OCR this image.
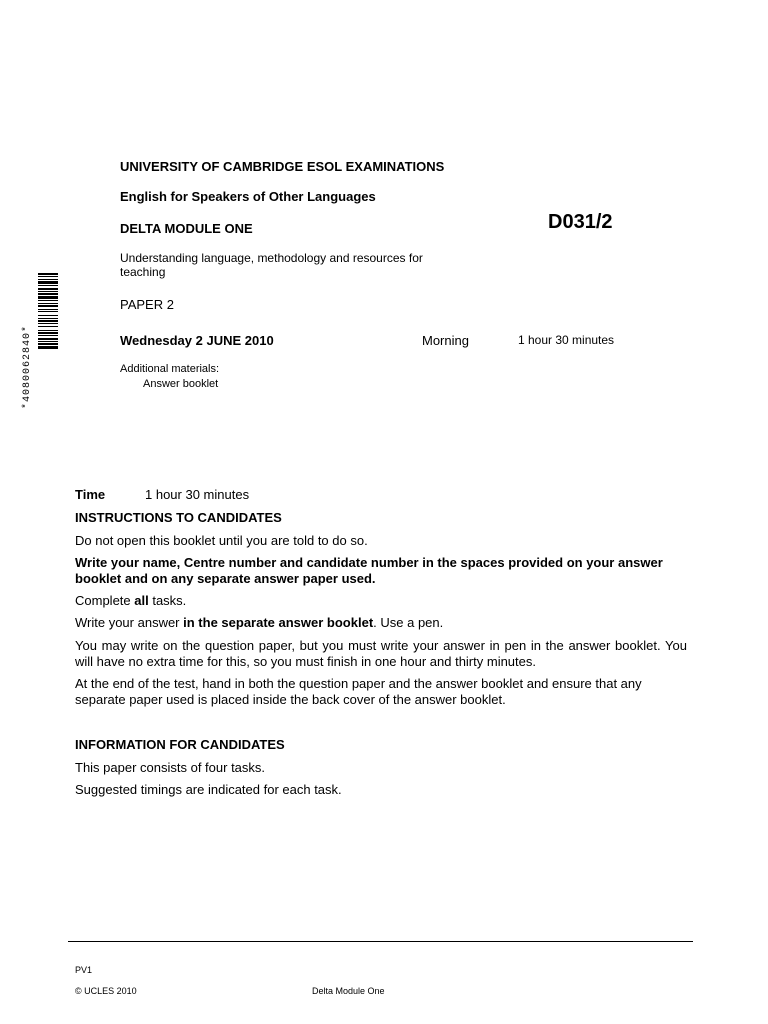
UNIVERSITY OF CAMBRIDGE ESOL EXAMINATIONS
English for Speakers of Other Languages
DELTA MODULE ONE	D031/2
Understanding language, methodology and resources for teaching
PAPER 2
Wednesday 2 JUNE 2010	Morning	1 hour 30 minutes
Additional materials:
Answer booklet
*4080062840*
Time	1 hour 30 minutes
INSTRUCTIONS TO CANDIDATES
Do not open this booklet until you are told to do so.
Write your name, Centre number and candidate number in the spaces provided on your answer booklet and on any separate answer paper used.
Complete all tasks.
Write your answer in the separate answer booklet. Use a pen.
You may write on the question paper, but you must write your answer in pen in the answer booklet. You will have no extra time for this, so you must finish in one hour and thirty minutes.
At the end of the test, hand in both the question paper and the answer booklet and ensure that any separate paper used is placed inside the back cover of the answer booklet.
INFORMATION FOR CANDIDATES
This paper consists of four tasks.
Suggested timings are indicated for each task.
PV1
© UCLES 2010	Delta Module One
